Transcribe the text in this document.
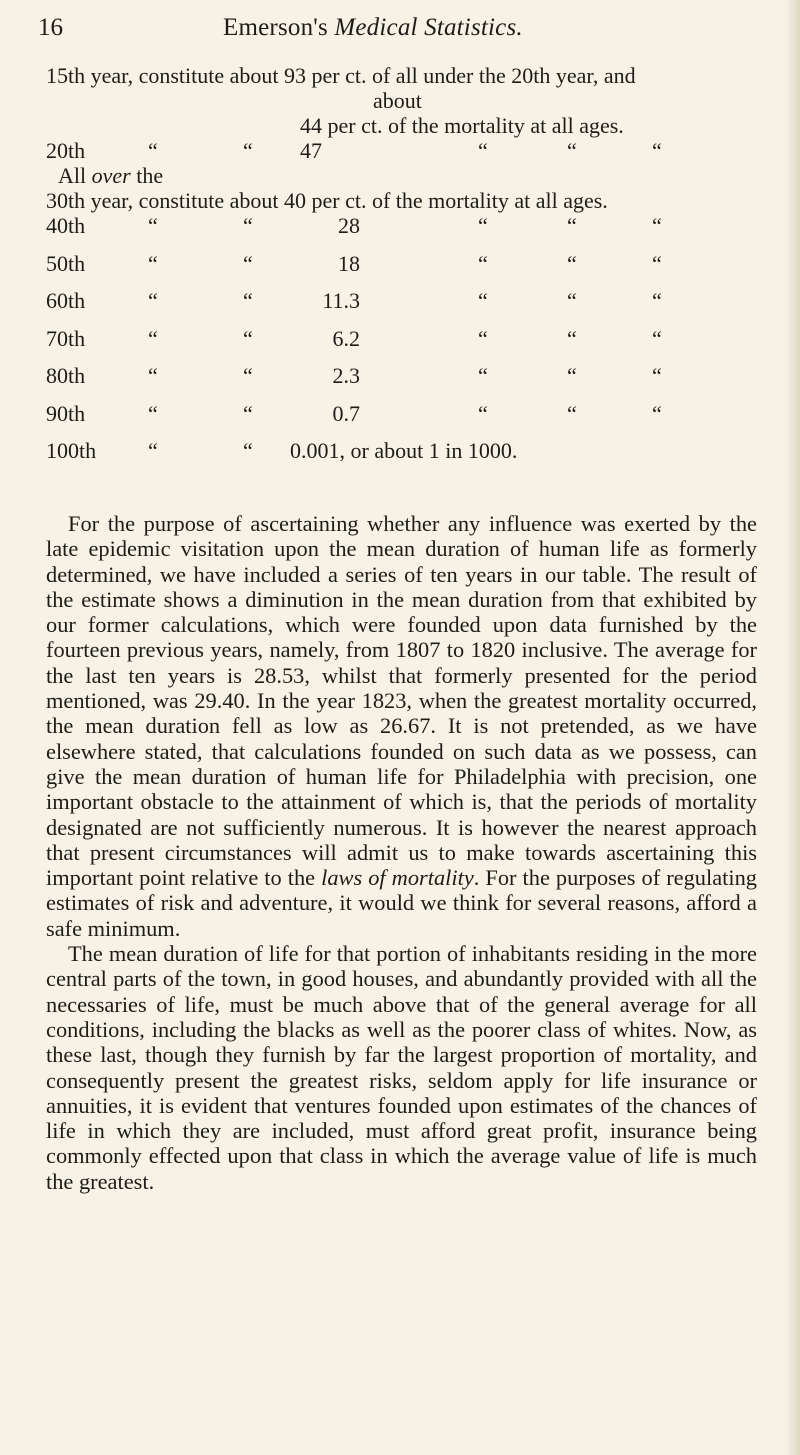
16	Emerson's Medical Statistics.
15th year, constitute about 93 per ct. of all under the 20th year, and
about
44 per ct. of the mortality at all ages.
20th	“	“ 47	“	“	“
All over the
30th year, constitute about 40 per ct. of the mortality at all ages.
40th	“	“	28	“	“	“
50th	“	“	18	“	“	“
60th	“	“	11.3	“	“	“
70th	“	“	6.2	“	“	“
80th	“	“	2.3	“	“	“
90th	“	“	0.7	“	“	“
100th “	“ 0.001, or about 1 in 1000.

For the purpose of ascertaining whether any influence was exerted by the late epidemic visitation upon the mean duration of human life as formerly determined, we have included a series of ten years in our table. The result of the estimate shows a diminution in the mean duration from that exhibited by our former calculations, which were founded upon data furnished by the fourteen previous years, namely, from 1807 to 1820 inclusive. The average for the last ten years is 28.53, whilst that formerly presented for the period mentioned, was 29.40. In the year 1823, when the greatest mortality occurred, the mean duration fell as low as 26.67. It is not pretended, as we have elsewhere stated, that calculations founded on such data as we possess, can give the mean duration of human life for Philadelphia with precision, one important obstacle to the attainment of which is, that the periods of mortality designated are not sufficiently numerous. It is however the nearest approach that present circumstances will admit us to make towards ascertaining this important point relative to the laws of mortality. For the purposes of regulating estimates of risk and adventure, it would we think for several reasons, afford a safe minimum.

The mean duration of life for that portion of inhabitants residing in the more central parts of the town, in good houses, and abundantly provided with all the necessaries of life, must be much above that of the general average for all conditions, including the blacks as well as the poorer class of whites. Now, as these last, though they furnish by far the largest proportion of mortality, and consequently present the greatest risks, seldom apply for life insurance or annuities, it is evident that ventures founded upon estimates of the chances of life in which they are included, must afford great profit, insurance being commonly effected upon that class in which the average value of life is much the greatest.
